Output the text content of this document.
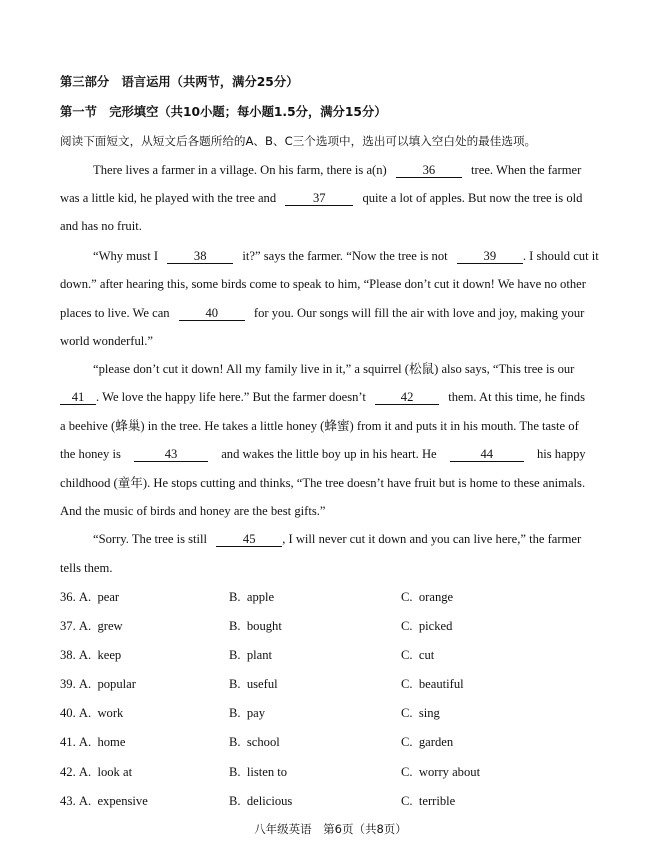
第三部分　语言运用（共两节，满分25分）
第一节　完形填空（共10小题；每小题1.5分，满分15分）
阅读下面短文，从短文后各题所给的A、B、C三个选项中，选出可以填入空白处的最佳选项。
There lives a farmer in a village. On his farm, there is a(n)	36	tree. When the farmer
was a little kid, he played with the tree and	37	quite a lot of apples. But now the tree is old
and has no fruit.
“Why must I	38	it?” says the farmer. “Now the tree is not	39 . I should cut it
down.” after hearing this, some birds come to speak to him, “Please don’t cut it down! We have no other
places to live. We can	40	for you. Our songs will fill the air with love and joy, making your
world wonderful.”
“please don’t cut it down! All my family live in it,” a squirrel (松鼠) also says, “This tree is our
41 . We love the happy life here.” But the farmer doesn’t	42	them. At this time, he finds
a beehive (蜂巢) in the tree. He takes a little honey (蜂蜜) from it and puts it in his mouth. The taste of
the honey is	43	and wakes the little boy up in his heart. He	44	his happy
childhood (童年). He stops cutting and thinks, “The tree doesn’t have fruit but is home to these animals.
And the music of birds and honey are the best gifts.”
“Sorry. The tree is still	45 , I will never cut it down and you can live here,” the farmer
tells them.
36. A. pear	B. apple	C. orange
37. A. grew	B. bought	C. picked
38. A. keep	B. plant	C. cut
39. A. popular	B. useful	C. beautiful
40. A. work	B. pay	C. sing
41. A. home	B. school	C. garden
42. A. look at	B. listen to	C. worry about
43. A. expensive	B. delicious	C. terrible
八年级英语　第6页（共8页）
